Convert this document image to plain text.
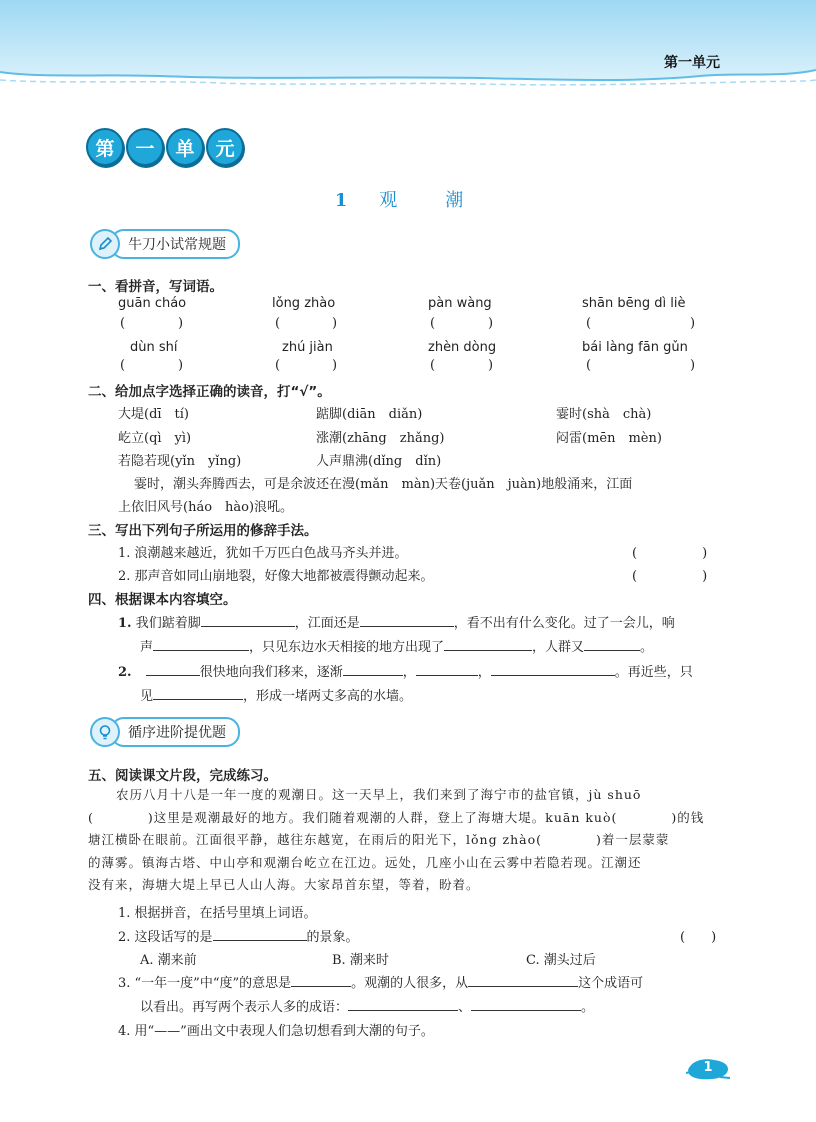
第一单元
第	一	单	元
1 观	潮
牛刀小试常规题
一、看拼音，写词语。
guān cháo	lǒng zhào	pàn wàng	shān bēng dì liè
(	)	(	)	(	)	(	)
dùn shí	zhú jiàn	zhèn dòng	bái làng fān gǔn
(	)	(	)	(	)	(	)
二、给加点字选择正确的读音，打“√”。
大堤(dī　tí)	踮脚(diān　diǎn)	霎时(shà　chà)
屹立(qì　yì)	涨潮(zhāng　zhǎng)	闷雷(mēn　mèn)
若隐若现(yǐn　yǐng)	人声鼎沸(dǐng　dǐn)
霎时，潮头奔腾西去，可是余波还在漫(mǎn　màn)天卷(juǎn　juàn)地般涌来，江面
上依旧风号(háo　hào)浪吼。
三、写出下列句子所运用的修辞手法。
1. 浪潮越来越近，犹如千万匹白色战马齐头并进。	(　　　　　)
2. 那声音如同山崩地裂，好像大地都被震得颤动起来。	(　　　　　)
四、根据课本内容填空。
1. 我们踮着脚	，江面还是	，看不出有什么变化。过了一会儿，响
声	，只见东边水天相接的地方出现了	，人群又	。
2.	很快地向我们移来，逐渐	，	，	。再近些，只
见	，形成一堵两丈多高的水墙。
循序进阶提优题
五、阅读课文片段，完成练习。
农历八月十八是一年一度的观潮日。这一天早上，我们来到了海宁市的盐官镇，jù shuō
(　　　　)这里是观潮最好的地方。我们随着观潮的人群，登上了海塘大堤。kuān kuò(　　　　)的钱
塘江横卧在眼前。江面很平静，越往东越宽，在雨后的阳光下，lǒng zhào(　　　　)着一层蒙蒙
的薄雾。镇海古塔、中山亭和观潮台屹立在江边。远处，几座小山在云雾中若隐若现。江潮还
没有来，海塘大堤上早已人山人海。大家昂首东望，等着，盼着。
1. 根据拼音，在括号里填上词语。
2. 这段话写的是	的景象。	(　　)
A. 潮来前	B. 潮来时	C. 潮头过后
3. “一年一度”中“度”的意思是	。观潮的人很多，从	这个成语可
以看出。再写两个表示人多的成语：	、	。
4. 用“——”画出文中表现人们急切想看到大潮的句子。
1
